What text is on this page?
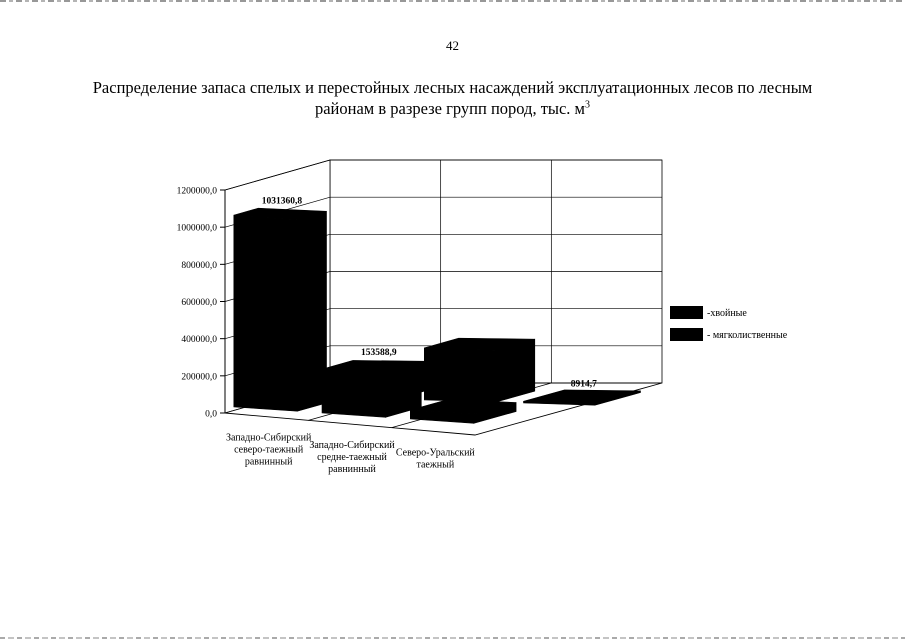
42
Распределение запаса спелых и перестойных лесных насаждений эксплуатационных лесов по лесным
районам в разрезе групп пород, тыс. $м^3$
0,0
200000,0
400000,0
600000,0
800000,0
1000000,0
1200000,0
153588,9
1031360,8
8914,7
48102,2
Западно-Сибирский
северо-таежный
равнинный
Западно-Сибирский
средне-таежный
равнинный
Северо-Уральский
таежный
-хвойные
- мягколиственные
